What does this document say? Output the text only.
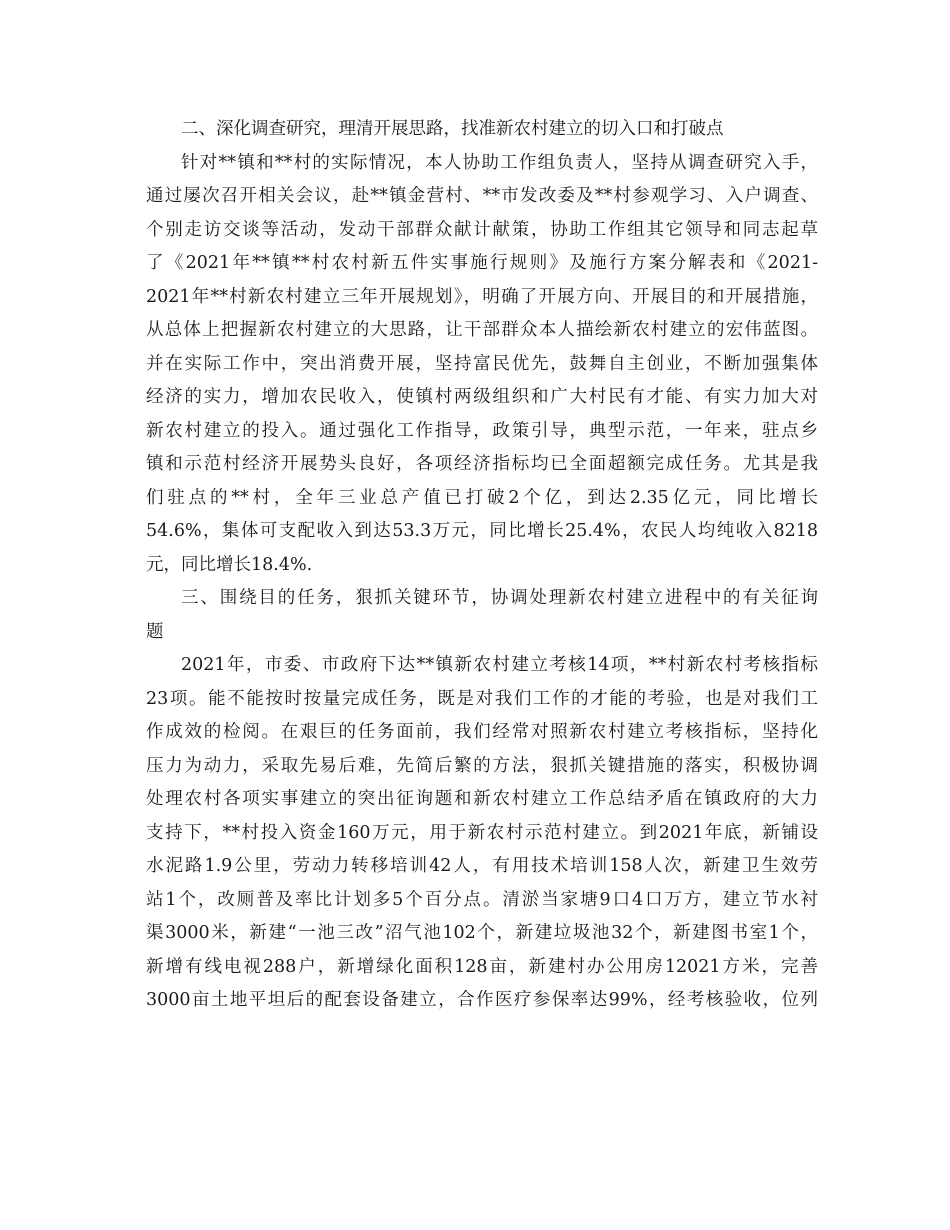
二、深化调查研究，理清开展思路，找准新农村建立的切入口和打破点
针对**镇和**村的实际情况，本人协助工作组负责人，坚持从调查研究入手，
通过屡次召开相关会议，赴**镇金营村、**市发改委及**村参观学习、入户调查、
个别走访交谈等活动，发动干部群众献计献策，协助工作组其它领导和同志起草
了《2021年**镇**村农村新五件实事施行规则》及施行方案分解表和《2021-
2021年**村新农村建立三年开展规划》，明确了开展方向、开展目的和开展措施，
从总体上把握新农村建立的大思路，让干部群众本人描绘新农村建立的宏伟蓝图。
并在实际工作中，突出消费开展，坚持富民优先，鼓舞自主创业，不断加强集体
经济的实力，增加农民收入，使镇村两级组织和广大村民有才能、有实力加大对
新农村建立的投入。通过强化工作指导，政策引导，典型示范，一年来，驻点乡
镇和示范村经济开展势头良好，各项经济指标均已全面超额完成任务。尤其是我
们驻点的**村，全年三业总产值已打破2个亿，到达2.35亿元，同比增长
54.6%，集体可支配收入到达53.3万元，同比增长25.4%，农民人均纯收入8218
元，同比增长18.4%.
三、围绕目的任务，狠抓关键环节，协调处理新农村建立进程中的有关征询
题
2021年，市委、市政府下达**镇新农村建立考核14项，**村新农村考核指标
23项。能不能按时按量完成任务，既是对我们工作的才能的考验，也是对我们工
作成效的检阅。在艰巨的任务面前，我们经常对照新农村建立考核指标，坚持化
压力为动力，采取先易后难，先简后繁的方法，狠抓关键措施的落实，积极协调
处理农村各项实事建立的突出征询题和新农村建立工作总结矛盾在镇政府的大力
支持下，**村投入资金160万元，用于新农村示范村建立。到2021年底，新铺设
水泥路1.9公里，劳动力转移培训42人，有用技术培训158人次，新建卫生效劳
站1个，改厕普及率比计划多5个百分点。清淤当家塘9口4口万方，建立节水衬
渠3000米，新建“一池三改”沼气池102个，新建垃圾池32个，新建图书室1个，
新增有线电视288户，新增绿化面积128亩，新建村办公用房12021方米，完善
3000亩土地平坦后的配套设备建立，合作医疗参保率达99%，经考核验收，位列
